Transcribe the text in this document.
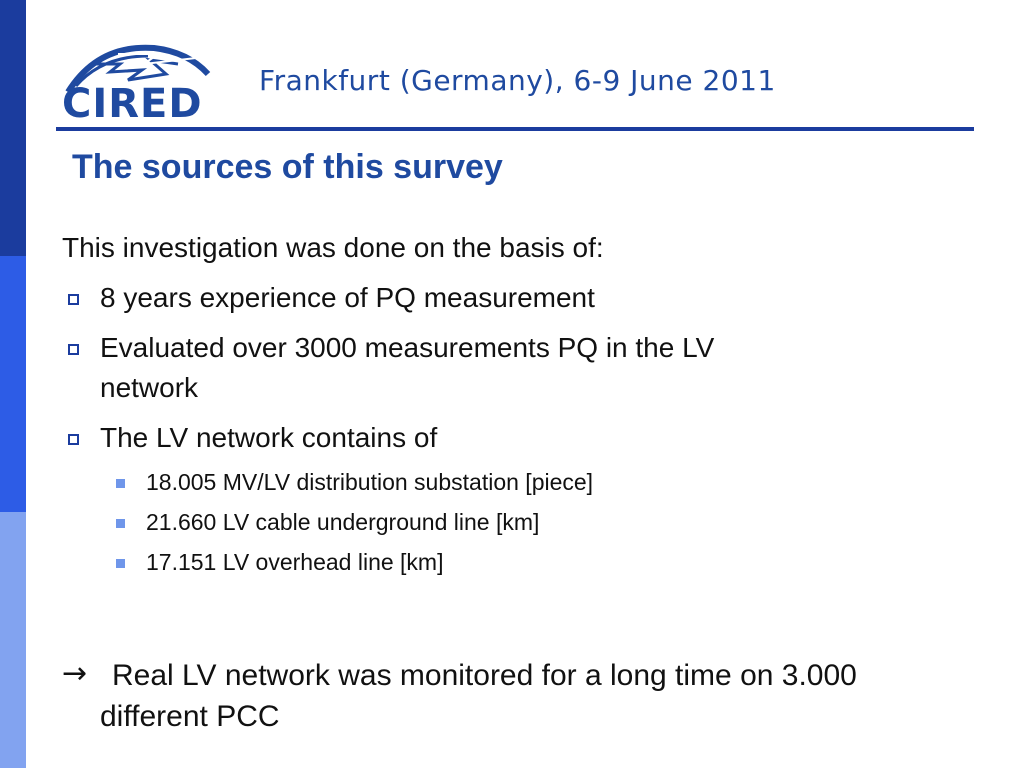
CIRED
Frankfurt (Germany), 6-9 June 2011
The sources of this survey
This investigation was done on the basis of:
8 years experience of PQ measurement
Evaluated over 3000 measurements PQ in the LV
network
The LV network contains of
18.005 MV/LV distribution substation [piece]
21.660 LV cable underground line [km]
17.151 LV overhead line [km]
→ Real LV network was monitored for a long time on 3.000
different PCC
